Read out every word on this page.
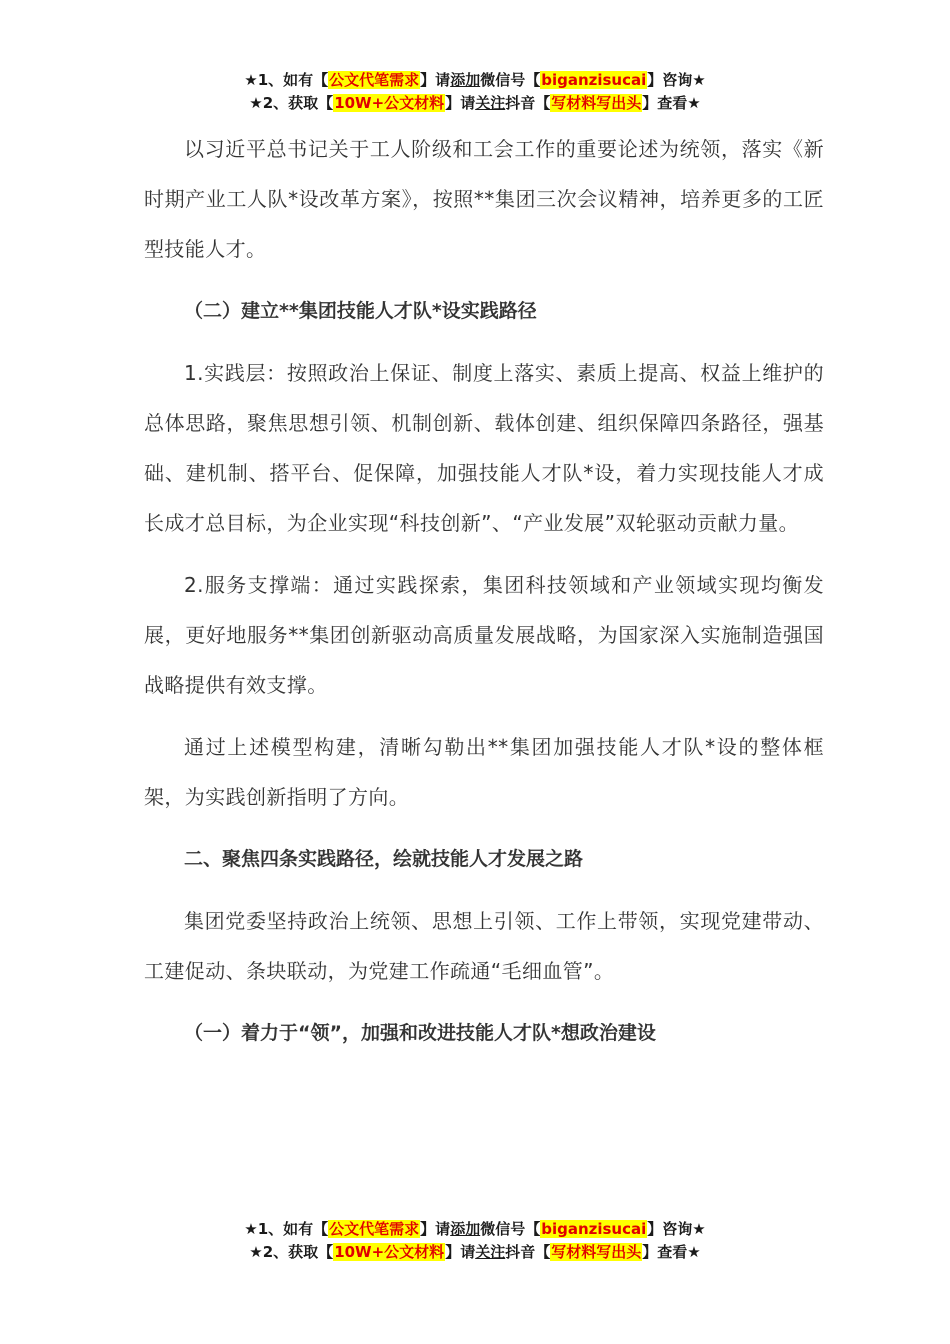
★1、如有【公文代笔需求】请添加微信号【biganzisucai】咨询★
★2、获取【10W+公文材料】请关注抖音【写材料写出头】查看★

以习近平总书记关于工人阶级和工会工作的重要论述为统领，落实《新时期产业工人队*设改革方案》，按照**集团三次会议精神，培养更多的工匠型技能人才。

（二）建立**集团技能人才队*设实践路径

1.实践层：按照政治上保证、制度上落实、素质上提高、权益上维护的总体思路，聚焦思想引领、机制创新、载体创建、组织保障四条路径，强基础、建机制、搭平台、促保障，加强技能人才队*设，着力实现技能人才成长成才总目标，为企业实现“科技创新”、“产业发展”双轮驱动贡献力量。

2.服务支撑端：通过实践探索，集团科技领域和产业领域实现均衡发展，更好地服务**集团创新驱动高质量发展战略，为国家深入实施制造强国战略提供有效支撑。

通过上述模型构建，清晰勾勒出**集团加强技能人才队*设的整体框架，为实践创新指明了方向。

二、聚焦四条实践路径，绘就技能人才发展之路

集团党委坚持政治上统领、思想上引领、工作上带领，实现党建带动、工建促动、条块联动，为党建工作疏通“毛细血管”。

（一）着力于“领”，加强和改进技能人才队*想政治建设

★1、如有【公文代笔需求】请添加微信号【biganzisucai】咨询★
★2、获取【10W+公文材料】请关注抖音【写材料写出头】查看★
